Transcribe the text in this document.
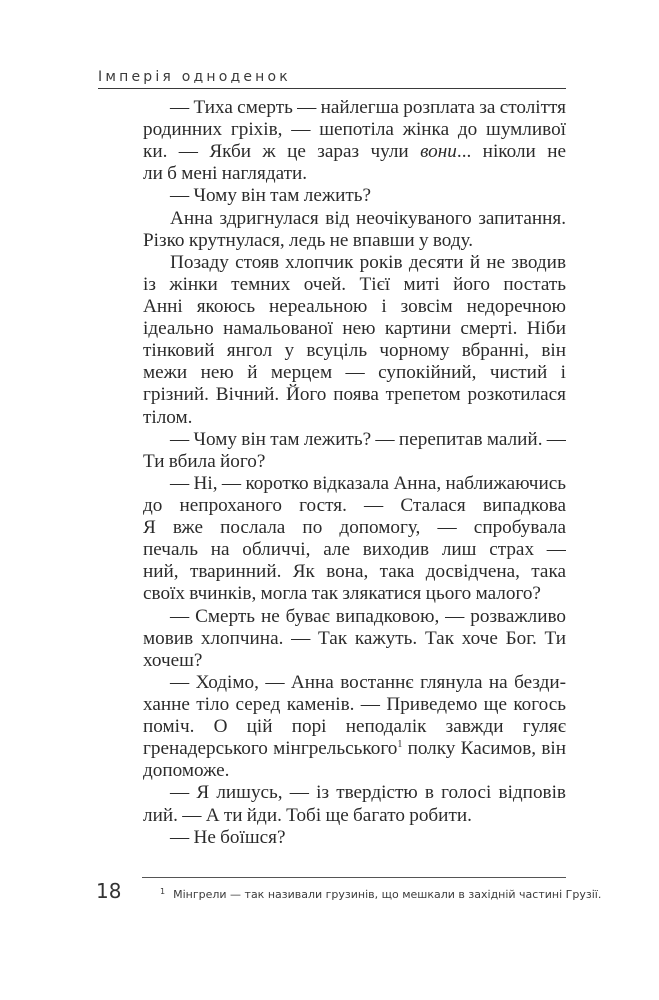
Імперія одноденок
— Тиха смерть — найлегша розплата за століття
родинних гріхів, — шепотіла жінка до шумливої
ки. — Якби ж це зараз чули вони... ніколи не
ли б мені наглядати.
— Чому він там лежить?
Анна здригнулася від неочікуваного запитання.
Різко крутнулася, ледь не впавши у воду.
Позаду стояв хлопчик років десяти й не зводив
із жінки темних очей. Тієї миті його постать
Анні якоюсь нереальною і зовсім недоречною
ідеально намальованої нею картини смерті. Ніби
тінковий янгол у всуціль чорному вбранні, він
межи нею й мерцем — супокійний, чистий і
грізний. Вічний. Його поява трепетом розкотилася
тілом.
— Чому він там лежить? — перепитав малий. —
Ти вбила його?
— Ні, — коротко відказала Анна, наближаючись
до непроханого гостя. — Сталася випадкова
Я вже послала по допомогу, — спробувала
печаль на обличчі, але виходив лиш страх —
ний, тваринний. Як вона, така досвідчена, така
своїх вчинків, могла так злякатися цього малого?
— Смерть не буває випадковою, — розважливо
мовив хлопчина. — Так кажуть. Так хоче Бог. Ти
хочеш?
— Ходімо, — Анна востаннє глянула на безди-
ханне тіло серед каменів. — Приведемо ще когось
поміч. О цій порі неподалік завжди гуляє
гренадерського мінгрельського$^1$ полку Касимов, він
допоможе.
— Я лишусь, — із твердістю в голосі відповів
лий. — А ти йди. Тобі ще багато робити.
— Не боїшся?
18	$^1$ Мінгрели — так називали грузинів, що мешкали в західній частині Грузії.
